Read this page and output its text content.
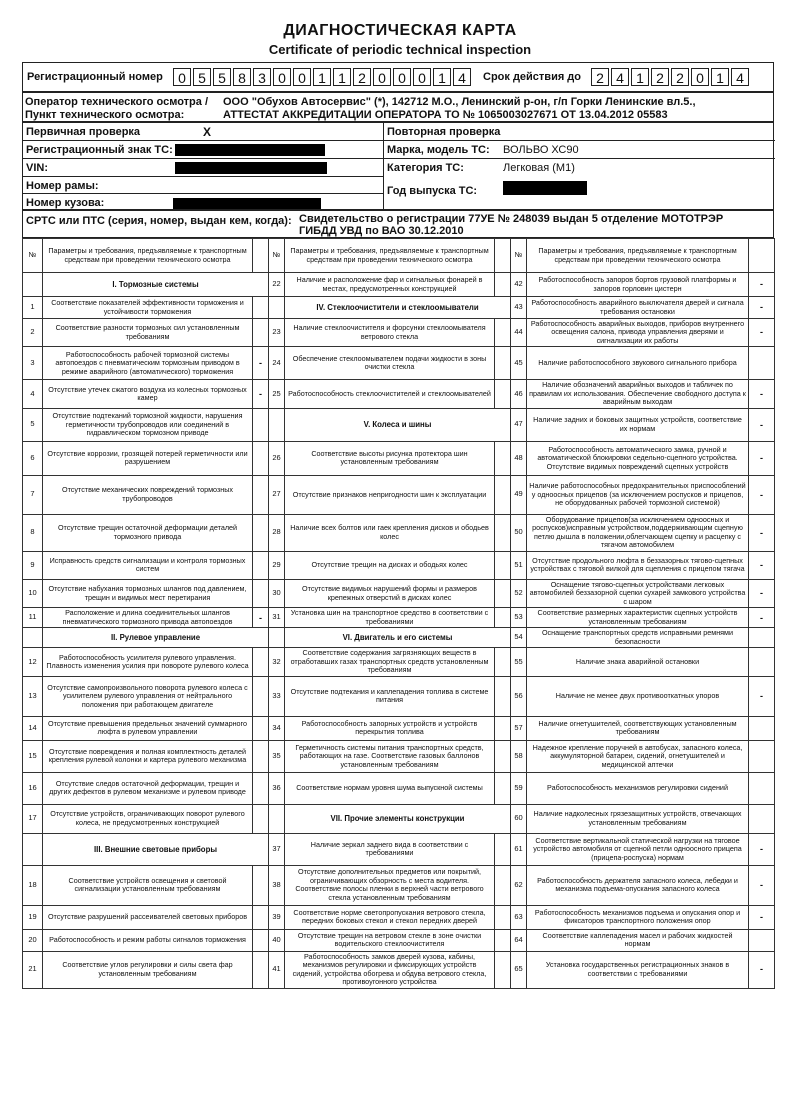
ДИАГНОСТИЧЕСКАЯ КАРТА
Certificate of periodic technical inspection
Регистрационный номер	0 5 5 8 3 0 0 1 1 2 0 0 0 1 4	Срок действия до	2 4 1 2 2 0 1 4
Оператор технического осмотра /
Пункт технического осмотра:
ООО "Обухов Автосервис" (*), 142712 М.О., Ленинский р-он, г/п Горки Ленинские вл.5.,
АТТЕСТАТ АККРЕДИТАЦИИ ОПЕРАТОРА ТО № 1065003027671 ОТ 13.04.2012 05583
Первичная проверка	X	Повторная проверка
Регистрационный знак ТС:	Марка, модель ТС: ВОЛЬВО ХС90
VIN:	Категория ТС:	Легковая (М1)
Номер рамы:	Год выпуска ТС:
Номер кузова:
СРТС или ПТС (серия, номер, выдан кем, когда): Свидетельство о регистрации 77УЕ № 248039 выдан 5 отделение МОТОТРЭР
ГИБДД УВД по ВАО 30.12.2010
№	Параметры и требования, предъявляемые к транспортным средствам при проведении технического осмотра		№	Параметры и требования, предъявляемые к транспортным средствам при проведении технического осмотра		№	Параметры и требования, предъявляемые к транспортным средствам при проведении технического осмотра	
	I. Тормозные системы		22	Наличие и расположение фар и сигнальных фонарей в местах, предусмотренных конструкцией		42	Работоспособность запоров бортов грузовой платформы и запоров горловин цистерн	-
1	Соответствие показателей эффективности торможения и устойчивости торможения			IV. Стеклоочистители и стеклоомыватели		43	Работоспособность аварийного выключателя дверей и сигнала требования остановки	-
2	Соответствие разности тормозных сил установленным требованиям		23	Наличие стеклоочистителя и форсунки стеклоомывателя ветрового стекла		44	Работоспособность аварийных выходов, приборов внутреннего освещения салона, привода управления дверями и сигнализации их работы	-
3	Работоспособность рабочей тормозной системы автопоездов с пневматическим тормозным приводом в режиме аварийного (автоматического) торможения	-	24	Обеспечение стеклоомывателем подачи жидкости в зоны очистки стекла		45	Наличие работоспособного звукового сигнального прибора	
4	Отсутствие утечек сжатого воздуха из колесных тормозных камер	-	25	Работоспособность стеклоочистителей и стеклоомывателей		46	Наличие обозначений аварийных выходов и табличек по правилам их использования. Обеспечение свободного доступа к аварийным выходам	-
5	Отсутствие подтеканий тормозной жидкости, нарушения герметичности трубопроводов или соединений в гидравлическом тормозном приводе			V. Колеса и шины		47	Наличие задних и боковых защитных устройств, соответствие их нормам	-
6	Отсутствие коррозии, грозящей потерей герметичности или разрушением		26	Соответствие высоты рисунка протектора шин установленным требованиям		48	Работоспособность автоматического замка, ручной и автоматической блокировки седельно-сцепного устройства. Отсутствие видимых повреждений сцепных устройств	-
7	Отсутствие механических повреждений тормозных трубопроводов		27	Отсутствие признаков непригодности шин к эксплуатации		49	Наличие работоспособных предохранительных приспособлений у одноосных прицепов (за исключением роспусков и прицепов, не оборудованных рабочей тормозной системой)	-
8	Отсутствие трещин остаточной деформации деталей тормозного привода		28	Наличие всех болтов или гаек крепления дисков и ободьев колес		50	Оборудование прицепов(за исключением одноосных и роспусков)исправным устройством,поддерживающим сцепную петлю дышла в положении,облегчающем сцепку и расцепку с тягачом автомобилем	-
9	Исправность средств сигнализации и контроля тормозных систем		29	Отсутствие трещин на дисках и ободьях колес		51	Отсутствие продольного люфта в беззазорных тягово-сцепных устройствах с тяговой вилкой для сцепления с прицепом тягача	-
10	Отсутствие набухания тормозных шлангов под давлением, трещин и видимых мест перетирания		30	Отсутствие видимых нарушений формы и размеров крепежных отверстий в дисках колес		52	Оснащение тягово-сцепных устройствами легковых автомобилей беззазорной сцепки сухарей замкового устройства с шаром	-
11	Расположение и длина соединительных шлангов пневматического тормозного привода автопоездов	-	31	Установка шин на транспортное средство в соответствии с требованиями		53	Соответствие размерных характеристик сцепных устройств установленным требованиям	-
	II. Рулевое управление			VI. Двигатель и его системы		54	Оснащение транспортных средств исправными ремнями безопасности	
12	Работоспособность усилителя рулевого управления. Плавность изменения усилия при повороте рулевого колеса		32	Соответствие содержания загрязняющих веществ в отработавших газах транспортных средств установленным требованиям		55	Наличие знака аварийной остановки	
13	Отсутствие самопроизвольного поворота рулевого колеса с усилителем рулевого управления от нейтрального положения при работающем двигателе		33	Отсутствие подтекания и каплепадения топлива в системе питания		56	Наличие не менее двух противооткатных упоров	-
14	Отсутствие превышения предельных значений суммарного люфта в рулевом управлении		34	Работоспособность запорных устройств и устройств перекрытия топлива		57	Наличие огнетушителей, соответствующих установленным требованиям	
15	Отсутствие повреждения и полная комплектность деталей крепления рулевой колонки и картера рулевого механизма		35	Герметичность системы питания транспортных средств, работающих на газе. Соответствие газовых баллонов установленным требованиям		58	Надежное крепление поручней в автобусах, запасного колеса, аккумуляторной батареи, сидений, огнетушителей и медицинской аптечки	
16	Отсутствие следов остаточной деформации, трещин и других дефектов в рулевом механизме и рулевом приводе		36	Соответствие нормам уровня шума выпускной системы		59	Работоспособность механизмов регулировки сидений	
17	Отсутствие устройств, ограничивающих поворот рулевого колеса, не предусмотренных конструкцией			VII. Прочие элементы конструкции		60	Наличие надколесных грязезащитных устройств, отвечающих установленным требованиям	
	III. Внешние световые приборы		37	Наличие зеркал заднего вида в соответствии с требованиями		61	Соответствие вертикальной статической нагрузки на тяговое устройство автомобиля от сцепной петли одноосного прицепа (прицепа-роспуска) нормам	-
18	Соответствие устройств освещения и световой сигнализации установленным требованиям		38	Отсутствие дополнительных предметов или покрытий, ограничивающих обзорность с места водителя. Соответствие полосы пленки в верхней части ветрового стекла установленным требованиям		62	Работоспособность держателя запасного колеса, лебедки и механизма подъема-опускания запасного колеса	-
19	Отсутствие разрушений рассеивателей световых приборов		39	Соответствие норме светопропускания ветрового стекла, передних боковых стекол и стекол передних дверей		63	Работоспособность механизмов подъема и опускания опор и фиксаторов транспортного положения опор	-
20	Работоспособность и режим работы сигналов торможения		40	Отсутствие трещин на ветровом стекле в зоне очистки водительского стеклоочистителя		64	Соответствие каплепадения масел и рабочих жидкостей нормам	
21	Соответствие углов регулировки и силы света фар установленным требованиям		41	Работоспособность замков дверей кузова, кабины, механизмов регулировки и фиксирующих устройств сидений, устройства обогрева и обдува ветрового стекла, противоугонного устройства		65	Установка государственных регистрационных знаков в соответствии с требованиями	-
